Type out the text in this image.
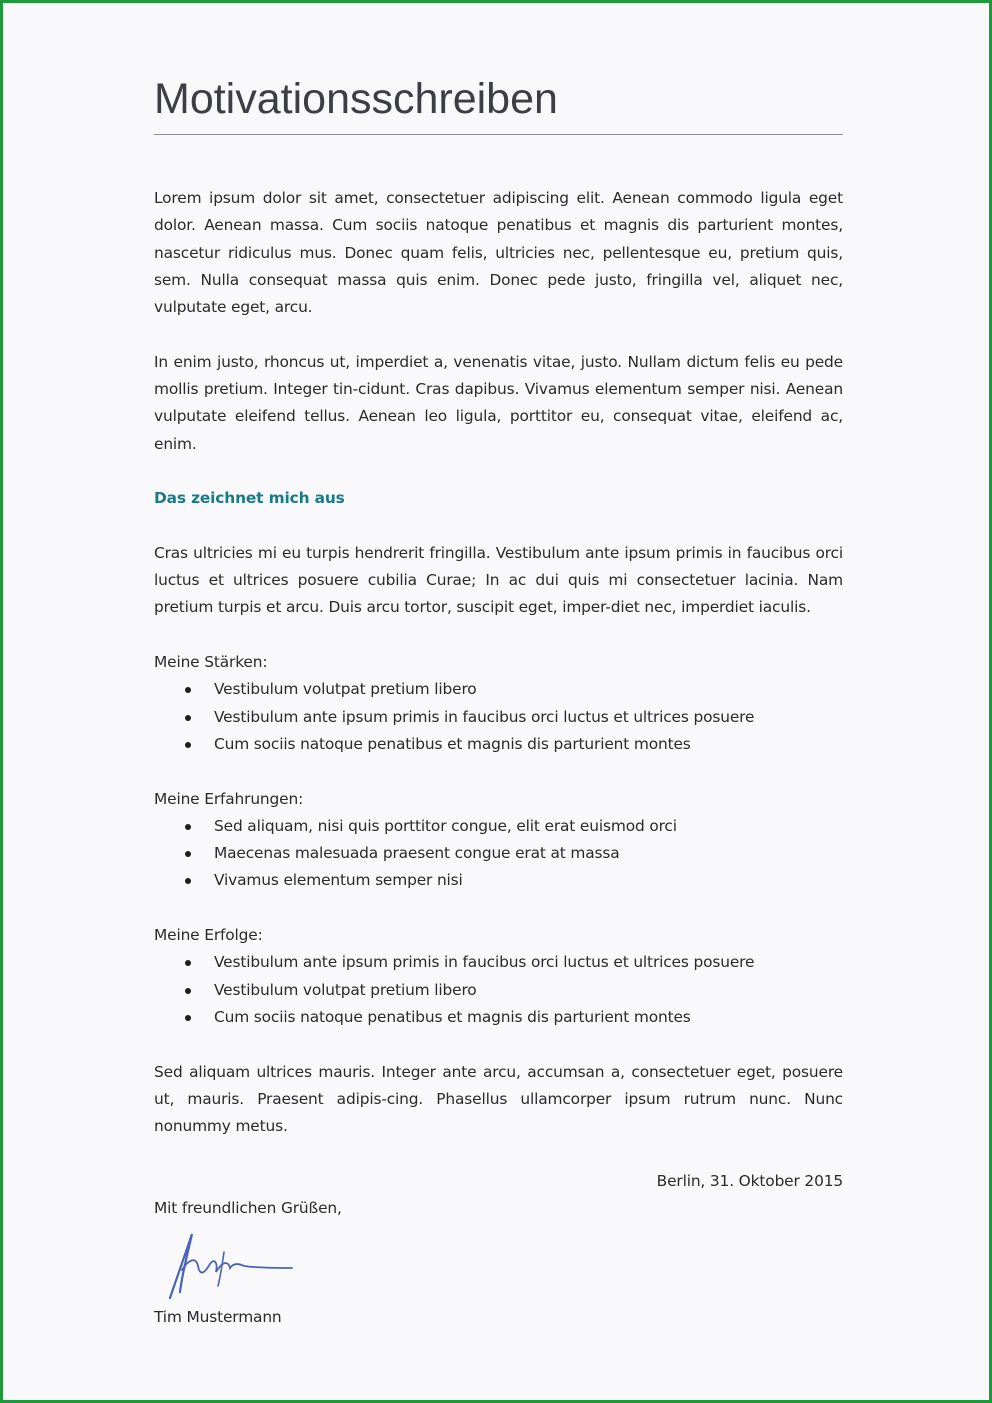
Motivationsschreiben

Lorem ipsum dolor sit amet, consectetuer adipiscing elit. Aenean commodo ligula eget dolor. Aenean massa. Cum sociis natoque penatibus et magnis dis parturient montes, nascetur ridiculus mus. Donec quam felis, ultricies nec, pellentesque eu, pretium quis, sem. Nulla consequat massa quis enim. Donec pede justo, fringilla vel, aliquet nec, vulputate eget, arcu.

In enim justo, rhoncus ut, imperdiet a, venenatis vitae, justo. Nullam dictum felis eu pede mollis pretium. Integer tin-cidunt. Cras dapibus. Vivamus elementum semper nisi. Aenean vulputate eleifend tellus. Aenean leo ligula, porttitor eu, consequat vitae, eleifend ac, enim.

Das zeichnet mich aus

Cras ultricies mi eu turpis hendrerit fringilla. Vestibulum ante ipsum primis in faucibus orci luctus et ultrices posuere cubilia Curae; In ac dui quis mi consectetuer lacinia. Nam pretium turpis et arcu. Duis arcu tortor, suscipit eget, imper-diet nec, imperdiet iaculis.

Meine Stärken:

Vestibulum volutpat pretium libero
Vestibulum ante ipsum primis in faucibus orci luctus et ultrices posuere
Cum sociis natoque penatibus et magnis dis parturient montes

Meine Erfahrungen:

Sed aliquam, nisi quis porttitor congue, elit erat euismod orci
Maecenas malesuada praesent congue erat at massa
Vivamus elementum semper nisi

Meine Erfolge:

Vestibulum ante ipsum primis in faucibus orci luctus et ultrices posuere
Vestibulum volutpat pretium libero
Cum sociis natoque penatibus et magnis dis parturient montes

Sed aliquam ultrices mauris. Integer ante arcu, accumsan a, consectetuer eget, posuere ut, mauris. Praesent adipis-cing. Phasellus ullamcorper ipsum rutrum nunc. Nunc nonummy metus.

Berlin, 31. Oktober 2015
Mit freundlichen Grüßen,
Tim Mustermann
